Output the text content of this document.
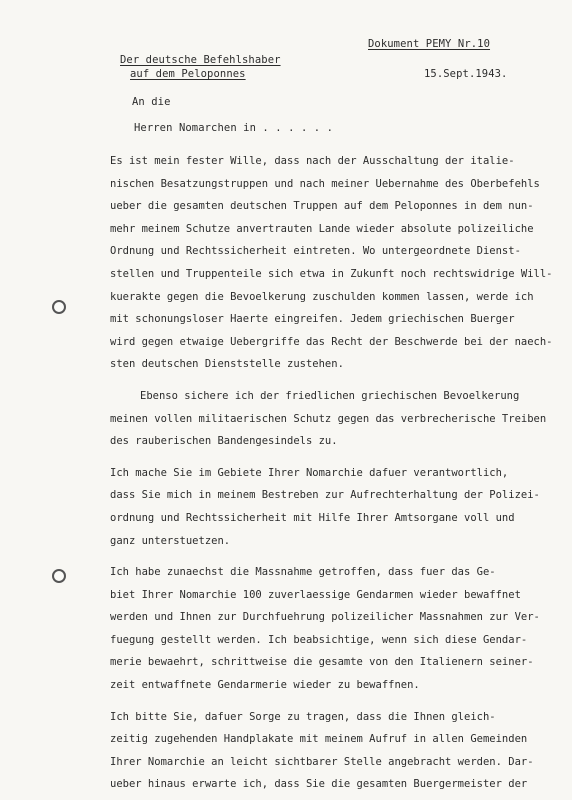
Der deutsche Befehlshaber
auf dem Peloponnes
Dokument PEMY Nr.10
15.Sept.1943.
An die
Herren Nomarchen in . . . . . .
Es ist mein fester Wille, dass nach der Ausschaltung der italie-
nischen Besatzungstruppen und nach meiner Uebernahme des Oberbefehls
ueber die gesamten deutschen Truppen auf dem Peloponnes in dem nun-
mehr meinem Schutze anvertrauten Lande wieder absolute polizeiliche
Ordnung und Rechtssicherheit eintreten. Wo untergeordnete Dienst-
stellen und Truppenteile sich etwa in Zukunft noch rechtswidrige Will-
kuerakte gegen die Bevoelkerung zuschulden kommen lassen, werde ich
mit schonungsloser Haerte eingreifen. Jedem griechischen Buerger
wird gegen etwaige Uebergriffe das Recht der Beschwerde bei der naech-
sten deutschen Dienststelle zustehen.
Ebenso sichere ich der friedlichen griechischen Bevoelkerung
meinen vollen militaerischen Schutz gegen das verbrecherische Treiben
des rauberischen Bandengesindels zu.
Ich mache Sie im Gebiete Ihrer Nomarchie dafuer verantwortlich,
dass Sie mich in meinem Bestreben zur Aufrechterhaltung der Polizei-
ordnung und Rechtssicherheit mit Hilfe Ihrer Amtsorgane voll und
ganz unterstuetzen.
Ich habe zunaechst die Massnahme getroffen, dass fuer das Ge-
biet Ihrer Nomarchie 100 zuverlaessige Gendarmen wieder bewaffnet
werden und Ihnen zur Durchfuehrung polizeilicher Massnahmen zur Ver-
fuegung gestellt werden. Ich beabsichtige, wenn sich diese Gendar-
merie bewaehrt, schrittweise die gesamte von den Italienern seiner-
zeit entwaffnete Gendarmerie wieder zu bewaffnen.
Ich bitte Sie, dafuer Sorge zu tragen, dass die Ihnen gleich-
zeitig zugehenden Handplakate mit meinem Aufruf in allen Gemeinden
Ihrer Nomarchie an leicht sichtbarer Stelle angebracht werden. Dar-
ueber hinaus erwarte ich, dass Sie die gesamten Buergermeister der
